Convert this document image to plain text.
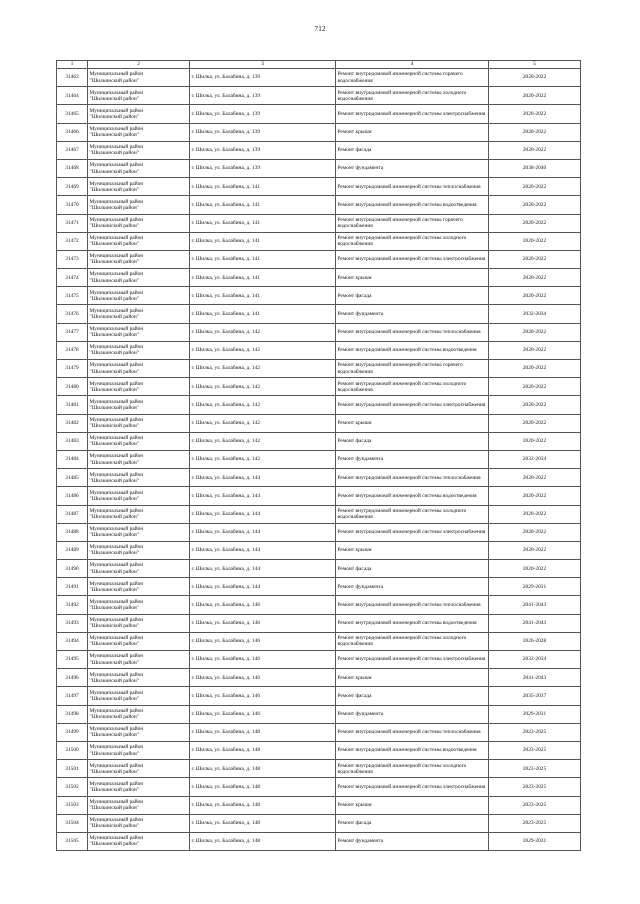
712
1	2	3	4	5
31463	Муниципальный район
"Шилкинский район"	г. Шилка, ул. Балабина, д. 139	Ремонт внутридомовой инженерной системы горячего водоснабжения	2020-2022
31464	Муниципальный район
"Шилкинский район"	г. Шилка, ул. Балабина, д. 139	Ремонт внутридомовой инженерной системы холодного водоснабжения	2020-2022
31465	Муниципальный район
"Шилкинский район"	г. Шилка, ул. Балабина, д. 139	Ремонт внутридомовой инженерной системы электроснабжения	2020-2022
31466	Муниципальный район
"Шилкинский район"	г. Шилка, ул. Балабина, д. 139	Ремонт крыши	2020-2022
31467	Муниципальный район
"Шилкинский район"	г. Шилка, ул. Балабина, д. 139	Ремонт фасада	2020-2022
31468	Муниципальный район
"Шилкинский район"	г. Шилка, ул. Балабина, д. 139	Ремонт фундамента	2038-2040
31469	Муниципальный район
"Шилкинский район"	г. Шилка, ул. Балабина, д. 141	Ремонт внутридомовой инженерной системы теплоснабжения	2020-2022
31470	Муниципальный район
"Шилкинский район"	г. Шилка, ул. Балабина, д. 141	Ремонт внутридомовой инженерной системы водоотведения	2020-2022
31471	Муниципальный район
"Шилкинский район"	г. Шилка, ул. Балабина, д. 141	Ремонт внутридомовой инженерной системы горячего водоснабжения	2020-2022
31472	Муниципальный район
"Шилкинский район"	г. Шилка, ул. Балабина, д. 141	Ремонт внутридомовой инженерной системы холодного водоснабжения	2020-2022
31473	Муниципальный район
"Шилкинский район"	г. Шилка, ул. Балабина, д. 141	Ремонт внутридомовой инженерной системы электроснабжения	2020-2022
31474	Муниципальный район
"Шилкинский район"	г. Шилка, ул. Балабина, д. 141	Ремонт крыши	2020-2022
31475	Муниципальный район
"Шилкинский район"	г. Шилка, ул. Балабина, д. 141	Ремонт фасада	2020-2022
31476	Муниципальный район
"Шилкинский район"	г. Шилка, ул. Балабина, д. 141	Ремонт фундамента	2032-2034
31477	Муниципальный район
"Шилкинский район"	г. Шилка, ул. Балабина, д. 142	Ремонт внутридомовой инженерной системы теплоснабжения	2020-2022
31478	Муниципальный район
"Шилкинский район"	г. Шилка, ул. Балабина, д. 142	Ремонт внутридомовой инженерной системы водоотведения	2020-2022
31479	Муниципальный район
"Шилкинский район"	г. Шилка, ул. Балабина, д. 142	Ремонт внутридомовой инженерной системы горячего водоснабжения	2020-2022
31480	Муниципальный район
"Шилкинский район"	г. Шилка, ул. Балабина, д. 142	Ремонт внутридомовой инженерной системы холодного водоснабжения	2020-2022
31481	Муниципальный район
"Шилкинский район"	г. Шилка, ул. Балабина, д. 142	Ремонт внутридомовой инженерной системы электроснабжения	2020-2022
31482	Муниципальный район
"Шилкинский район"	г. Шилка, ул. Балабина, д. 142	Ремонт крыши	2020-2022
31483	Муниципальный район
"Шилкинский район"	г. Шилка, ул. Балабина, д. 142	Ремонт фасада	2020-2022
31484	Муниципальный район
"Шилкинский район"	г. Шилка, ул. Балабина, д. 142	Ремонт фундамента	2032-2034
31485	Муниципальный район
"Шилкинский район"	г. Шилка, ул. Балабина, д. 144	Ремонт внутридомовой инженерной системы теплоснабжения	2020-2022
31486	Муниципальный район
"Шилкинский район"	г. Шилка, ул. Балабина, д. 144	Ремонт внутридомовой инженерной системы водоотведения	2020-2022
31487	Муниципальный район
"Шилкинский район"	г. Шилка, ул. Балабина, д. 144	Ремонт внутридомовой инженерной системы холодного водоснабжения	2020-2022
31488	Муниципальный район
"Шилкинский район"	г. Шилка, ул. Балабина, д. 144	Ремонт внутридомовой инженерной системы электроснабжения	2020-2022
31489	Муниципальный район
"Шилкинский район"	г. Шилка, ул. Балабина, д. 144	Ремонт крыши	2020-2022
31490	Муниципальный район
"Шилкинский район"	г. Шилка, ул. Балабина, д. 144	Ремонт фасада	2020-2022
31491	Муниципальный район
"Шилкинский район"	г. Шилка, ул. Балабина, д. 144	Ремонт фундамента	2029-2031
31492	Муниципальный район
"Шилкинский район"	г. Шилка, ул. Балабина, д. 146	Ремонт внутридомовой инженерной системы теплоснабжения	2041-2043
31493	Муниципальный район
"Шилкинский район"	г. Шилка, ул. Балабина, д. 146	Ремонт внутридомовой инженерной системы водоотведения	2041-2043
31494	Муниципальный район
"Шилкинский район"	г. Шилка, ул. Балабина, д. 146	Ремонт внутридомовой инженерной системы холодного водоснабжения	2026-2028
31495	Муниципальный район
"Шилкинский район"	г. Шилка, ул. Балабина, д. 146	Ремонт внутридомовой инженерной системы электроснабжения	2032-2034
31496	Муниципальный район
"Шилкинский район"	г. Шилка, ул. Балабина, д. 146	Ремонт крыши	2041-2043
31497	Муниципальный район
"Шилкинский район"	г. Шилка, ул. Балабина, д. 146	Ремонт фасада	2035-2037
31498	Муниципальный район
"Шилкинский район"	г. Шилка, ул. Балабина, д. 146	Ремонт фундамента	2029-2031
31499	Муниципальный район
"Шилкинский район"	г. Шилка, ул. Балабина, д. 148	Ремонт внутридомовой инженерной системы теплоснабжения	2023-2025
31500	Муниципальный район
"Шилкинский район"	г. Шилка, ул. Балабина, д. 148	Ремонт внутридомовой инженерной системы водоотведения	2023-2025
31501	Муниципальный район
"Шилкинский район"	г. Шилка, ул. Балабина, д. 148	Ремонт внутридомовой инженерной системы холодного водоснабжения	2023-2025
31502	Муниципальный район
"Шилкинский район"	г. Шилка, ул. Балабина, д. 148	Ремонт внутридомовой инженерной системы электроснабжения	2023-2025
31503	Муниципальный район
"Шилкинский район"	г. Шилка, ул. Балабина, д. 148	Ремонт крыши	2023-2025
31504	Муниципальный район
"Шилкинский район"	г. Шилка, ул. Балабина, д. 148	Ремонт фасада	2023-2025
31505	Муниципальный район
"Шилкинский район"	г. Шилка, ул. Балабина, д. 148	Ремонт фундамента	2029-2031
